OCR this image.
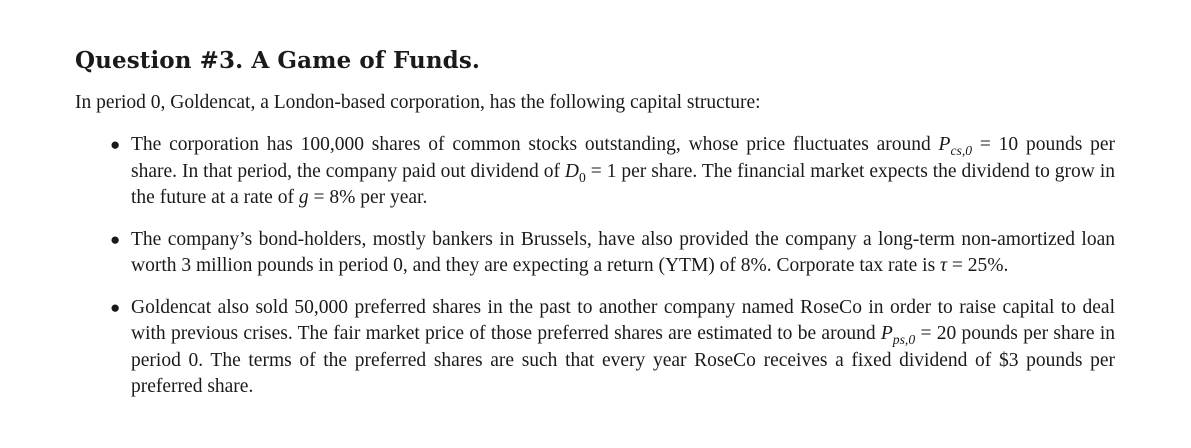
Question #3. A Game of Funds.

In period 0, Goldencat, a London-based corporation, has the following capital structure:

● The corporation has 100,000 shares of common stocks outstanding, whose price fluctuates around $P_{cs,0} = 10$ pounds per share. In that period, the company paid out dividend of $D_0 = 1$ per share. The financial market expects the dividend to grow in the future at a rate of g = 8% per year.
● The company’s bond-holders, mostly bankers in Brussels, have also provided the company a long-term non-amortized loan worth 3 million pounds in period 0, and they are expecting a return (YTM) of 8%. Corporate tax rate is τ = 25%.
● Goldencat also sold 50,000 preferred shares in the past to another company named RoseCo in order to raise capital to deal with previous crises. The fair market price of those preferred shares are estimated to be around $P_{ps,0} = 20$ pounds per share in period 0. The terms of the preferred shares are such that every year RoseCo receives a fixed dividend of $3 pounds per preferred share.
